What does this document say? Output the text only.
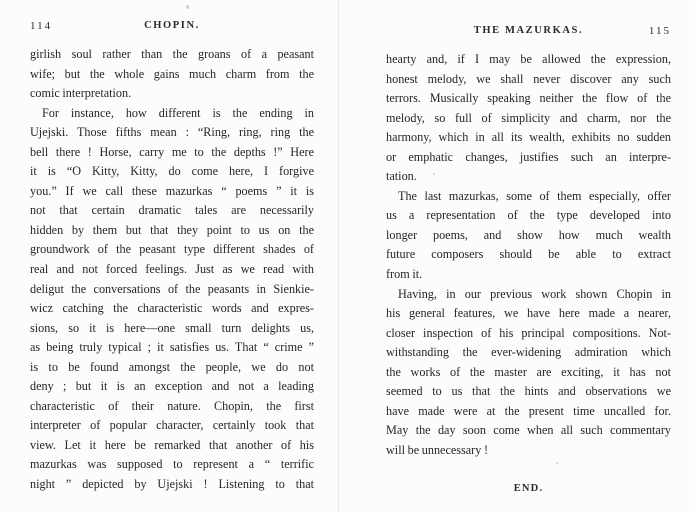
114	CHOPIN.
girlish soul rather than the groans of a peasant
wife; but the whole gains much charm from the
comic interpretation.
For instance, how different is the ending in
Ujejski. Those fifths mean : “Ring, ring, ring the
bell there ! Horse, carry me to the depths !” Here
it is “O Kitty, Kitty, do come here, I forgive
you.” If we call these mazurkas “ poems ” it is
not that certain dramatic tales are necessarily
hidden by them but that they point to us on the
groundwork of the peasant type different shades of
real and not forced feelings. Just as we read with
deligut the conversations of the peasants in Sienkie-
wicz catching the characteristic words and expres-
sions, so it is here—one small turn delights us,
as being truly typical ; it satisfies us. That “ crime ”
is to be found amongst the people, we do not
deny ; but it is an exception and not a leading
characteristic of their nature. Chopin, the first
interpreter of popular character, certainly took that
view. Let it here be remarked that another of his
mazurkas was supposed to represent a “ terrific
night ” depicted by Ujejski ! Listening to that
THE MAZURKAS.	115
hearty and, if I may be allowed the expression,
honest melody, we shall never discover any such
terrors. Musically speaking neither the flow of the
melody, so full of simplicity and charm, nor the
harmony, which in all its wealth, exhibits no sudden
or emphatic changes, justifies such an interpre-
tation.
The last mazurkas, some of them especially, offer
us a representation of the type developed into
longer poems, and show how much wealth
future composers should be able to extract
from it.
Having, in our previous work shown Chopin in
his general features, we have here made a nearer,
closer inspection of his principal compositions. Not-
withstanding the ever-widening admiration which
the works of the master are exciting, it has not
seemed to us that the hints and observations we
have made were at the present time uncalled for.
May the day soon come when all such commentary
will be unnecessary !
END.
